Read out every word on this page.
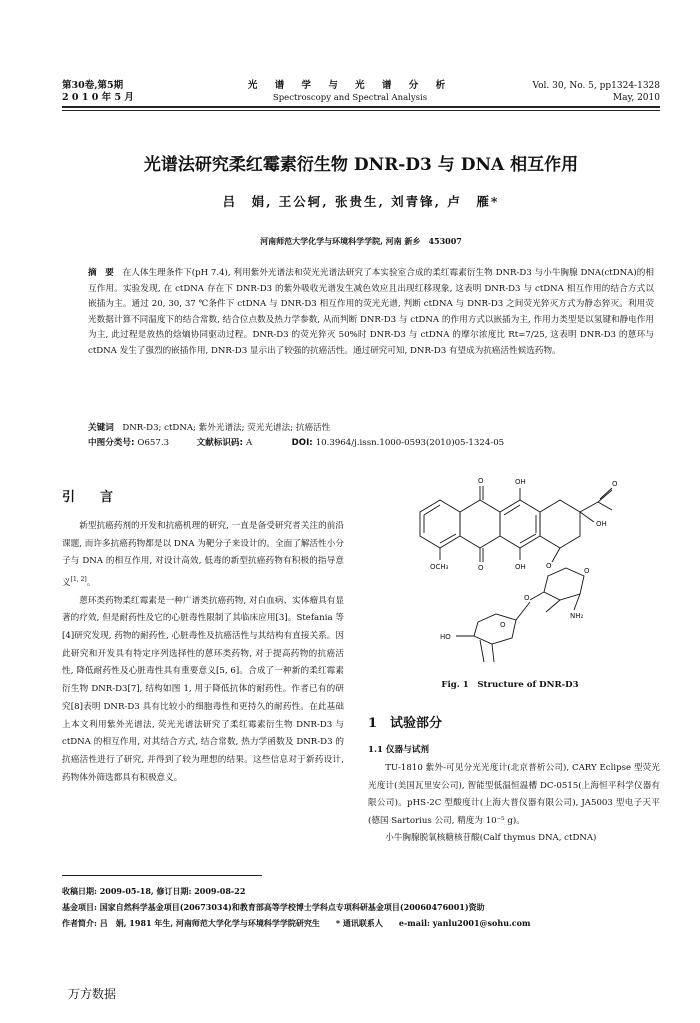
第30卷,第5期
2 0 1 0 年 5 月
光 谱 学 与 光 谱 分 析
Spectroscopy and Spectral Analysis
Vol. 30, No. 5, pp1324-1328
May, 2010
光谱法研究柔红霉素衍生物 DNR-D3 与 DNA 相互作用
吕　娟, 王公轲, 张贵生, 刘青锋, 卢　雁*
河南师范大学化学与环境科学学院, 河南 新乡　453007
摘　要　在人体生理条件下(pH 7.4), 利用紫外光谱法和荧光光谱法研究了本实验室合成的柔红霉素衍生物 DNR-D3 与小牛胸腺 DNA(ctDNA)的相互作用。实验发现, 在 ctDNA 存在下 DNR-D3 的紫外吸收光谱发生减色效应且出现红移现象, 这表明 DNR-D3 与 ctDNA 相互作用的结合方式以嵌插为主。通过 20, 30, 37 ℃条件下 ctDNA 与 DNR-D3 相互作用的荧光光谱, 判断 ctDNA 与 DNR-D3 之间荧光猝灭方式为静态猝灭。利用荧光数据计算不同温度下的结合常数, 结合位点数及热力学参数, 从而判断 DNR-D3 与 ctDNA 的作用方式以嵌插为主, 作用力类型是以氢键和静电作用为主, 此过程是放热的焓熵协同驱动过程。DNR-D3 的荧光猝灭 50%时 DNR-D3 与 ctDNA 的摩尔浓度比 Rt=7/25, 这表明 DNR-D3 的蒽环与 ctDNA 发生了强烈的嵌插作用, DNR-D3 显示出了较强的抗癌活性。通过研究可知, DNR-D3 有望成为抗癌活性候选药物。
关键词　DNR-D3; ctDNA; 紫外光谱法; 荧光光谱法; 抗癌活性
中图分类号: O657.3	文献标识码: A	DOI: 10.3964/j.issn.1000-0593(2010)05-1324-05
引　言

新型抗癌药剂的开发和抗癌机理的研究, 一直是备受研究者关注的前沿课题, 而许多抗癌药物都是以 DNA 为靶分子来设计的。全面了解活性小分子与 DNA 的相互作用, 对设计高效, 低毒的新型抗癌药物有积极的指导意义[1, 2]。

蒽环类药物柔红霉素是一种广谱类抗癌药物, 对白血病、实体瘤具有显著的疗效, 但是耐药性及它的心脏毒性限制了其临床应用[3]。Stefania 等[4]研究发现, 药物的耐药性, 心脏毒性及抗癌活性与其结构有直接关系。因此研究和开发具有特定序列选择性的蒽环类药物, 对于提高药物的抗癌活性, 降低耐药性及心脏毒性具有重要意义[5, 6]。合成了一种新的柔红霉素衍生物 DNR-D3[7], 结构如图 1, 用于降低抗体的耐药性。作者已有的研究[8]表明 DNR-D3 具有比较小的细胞毒性和更持久的耐药性。在此基础上本文利用紫外光谱法, 荧光光谱法研究了柔红霉素衍生物 DNR-D3 与 ctDNA 的相互作用, 对其结合方式, 结合常数, 热力学函数及 DNR-D3 的抗癌活性进行了研究, 并得到了较为理想的结果。这些信息对于新药设计, 药物体外筛选都具有积极意义。

O	OH	O
OH
OCH₃	O	OH	O
O
NH₂
O
HO
O
Fig. 1　Structure of DNR-D3
1　试验部分
1.1 仪器与试剂

TU-1810 紫外-可见分光光度计(北京普析公司), CARY Eclipse 型荧光光度计(美国瓦里安公司), 智能型低温恒温槽 DC-0515(上海恒平科学仪器有限公司)。pHS-2C 型酸度计(上海大普仪器有限公司), JA5003 型电子天平(德国 Sartorius 公司, 精度为 10⁻⁵ g)。

小牛胸腺脱氧核糖核苷酸(Calf thymus DNA, ctDNA)

收稿日期: 2009-05-18, 修订日期: 2009-08-22
基金项目: 国家自然科学基金项目(20673034)和教育部高等学校博士学科点专项科研基金项目(20060476001)资助
作者简介: 吕　娟, 1981 年生, 河南师范大学化学与环境科学学院研究生　　* 通讯联系人　　e-mail: yanlu2001@sohu.com
万方数据
